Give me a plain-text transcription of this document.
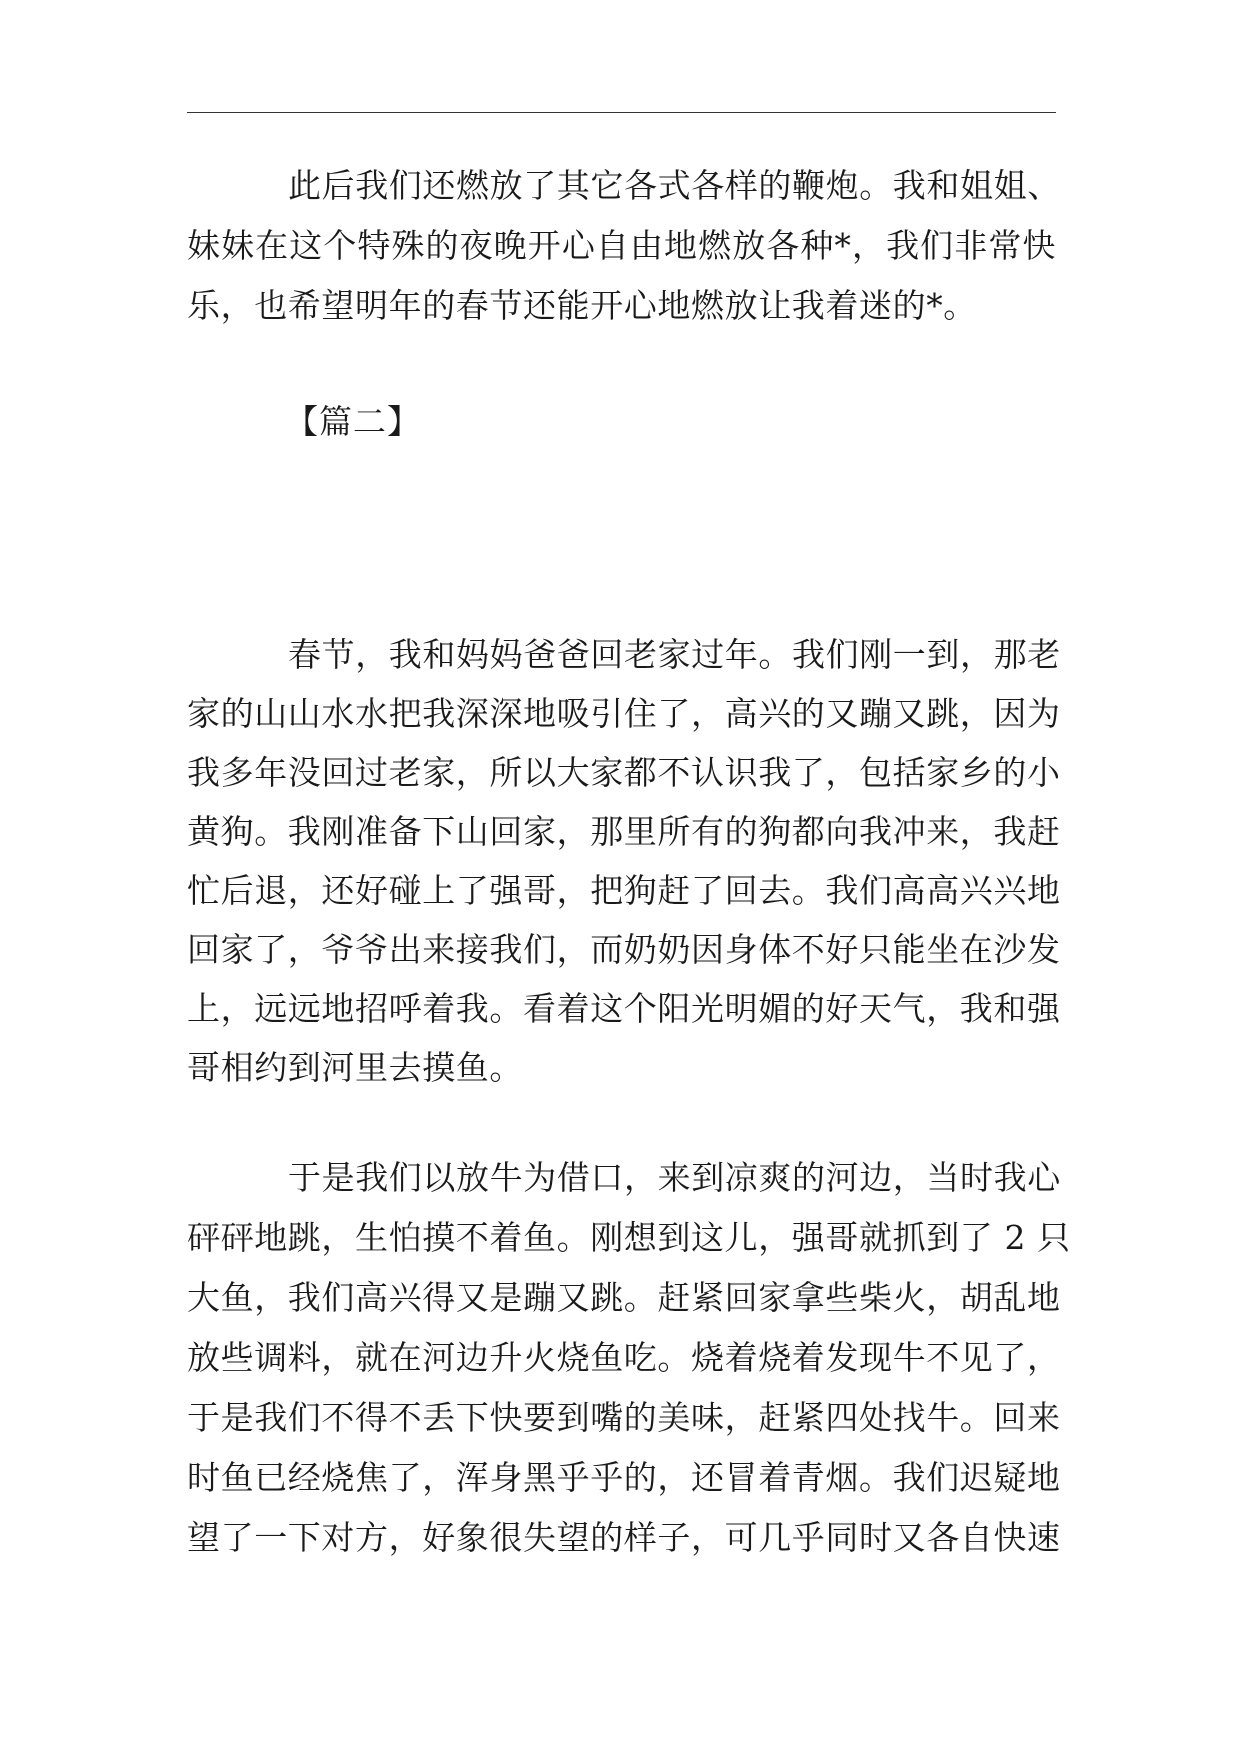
此后我们还燃放了其它各式各样的鞭炮。我和姐姐、
妹妹在这个特殊的夜晚开心自由地燃放各种*，我们非常快
乐，也希望明年的春节还能开心地燃放让我着迷的*。
【篇二】
春节，我和妈妈爸爸回老家过年。我们刚一到，那老
家的山山水水把我深深地吸引住了，高兴的又蹦又跳，因为
我多年没回过老家，所以大家都不认识我了，包括家乡的小
黄狗。我刚准备下山回家，那里所有的狗都向我冲来，我赶
忙后退，还好碰上了强哥，把狗赶了回去。我们高高兴兴地
回家了，爷爷出来接我们，而奶奶因身体不好只能坐在沙发
上，远远地招呼着我。看着这个阳光明媚的好天气，我和强
哥相约到河里去摸鱼。
于是我们以放牛为借口，来到凉爽的河边，当时我心
砰砰地跳，生怕摸不着鱼。刚想到这儿，强哥就抓到了 2 只
大鱼，我们高兴得又是蹦又跳。赶紧回家拿些柴火，胡乱地
放些调料，就在河边升火烧鱼吃。烧着烧着发现牛不见了，
于是我们不得不丢下快要到嘴的美味，赶紧四处找牛。回来
时鱼已经烧焦了，浑身黑乎乎的，还冒着青烟。我们迟疑地
望了一下对方，好象很失望的样子，可几乎同时又各自快速
